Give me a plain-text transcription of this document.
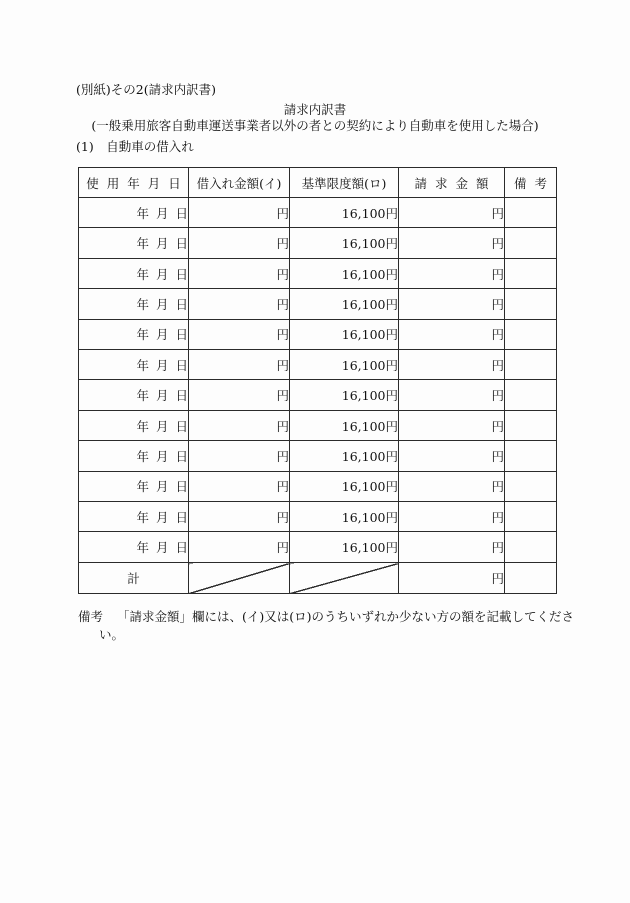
(別紙)その2(請求内訳書)
請求内訳書
(一般乗用旅客自動車運送事業者以外の者との契約により自動車を使用した場合)
(1)　自動車の借入れ
使 用 年 月 日	借入れ金額(イ)	基準限度額(ロ)	請 求 金 額	備 考
年 月 日	円	16,100円	円	
年 月 日	円	16,100円	円	
年 月 日	円	16,100円	円	
年 月 日	円	16,100円	円	
年 月 日	円	16,100円	円	
年 月 日	円	16,100円	円	
年 月 日	円	16,100円	円	
年 月 日	円	16,100円	円	
年 月 日	円	16,100円	円	
年 月 日	円	16,100円	円	
年 月 日	円	16,100円	円	
年 月 日	円	16,100円	円	
計			円	
備考 「請求金額」欄には、(イ)又は(ロ)のうちいずれか少ない方の額を記載してくださ
い。
